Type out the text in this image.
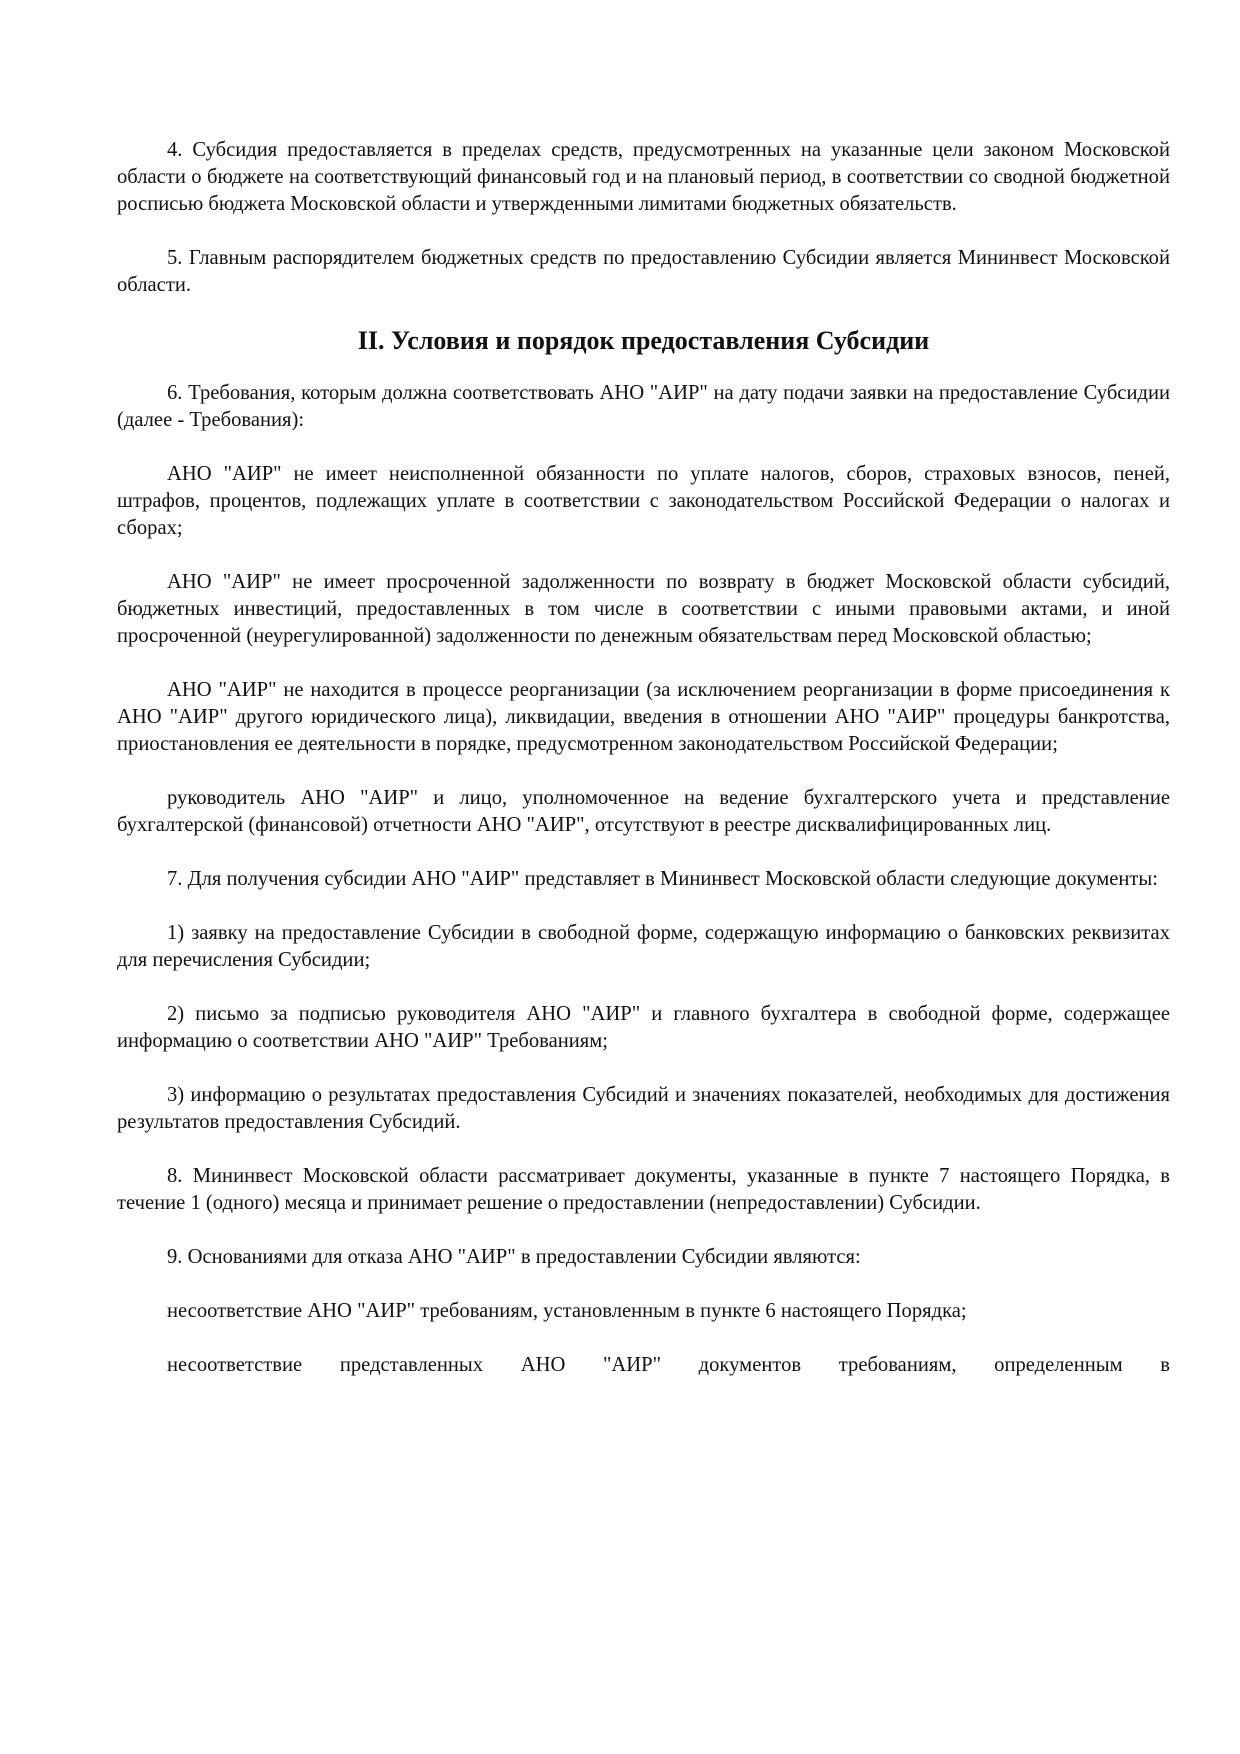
4. Субсидия предоставляется в пределах средств, предусмотренных на указанные цели законом Московской области о бюджете на соответствующий финансовый год и на плановый период, в соответствии со сводной бюджетной росписью бюджета Московской области и утвержденными лимитами бюджетных обязательств.

5. Главным распорядителем бюджетных средств по предоставлению Субсидии является Мининвест Московской области.

II. Условия и порядок предоставления Субсидии

6. Требования, которым должна соответствовать АНО "АИР" на дату подачи заявки на предоставление Субсидии (далее - Требования):

АНО "АИР" не имеет неисполненной обязанности по уплате налогов, сборов, страховых взносов, пеней, штрафов, процентов, подлежащих уплате в соответствии с законодательством Российской Федерации о налогах и сборах;

АНО "АИР" не имеет просроченной задолженности по возврату в бюджет Московской области субсидий, бюджетных инвестиций, предоставленных в том числе в соответствии с иными правовыми актами, и иной просроченной (неурегулированной) задолженности по денежным обязательствам перед Московской областью;

АНО "АИР" не находится в процессе реорганизации (за исключением реорганизации в форме присоединения к АНО "АИР" другого юридического лица), ликвидации, введения в отношении АНО "АИР" процедуры банкротства, приостановления ее деятельности в порядке, предусмотренном законодательством Российской Федерации;

руководитель АНО "АИР" и лицо, уполномоченное на ведение бухгалтерского учета и представление бухгалтерской (финансовой) отчетности АНО "АИР", отсутствуют в реестре дисквалифицированных лиц.

7. Для получения субсидии АНО "АИР" представляет в Мининвест Московской области следующие документы:

1) заявку на предоставление Субсидии в свободной форме, содержащую информацию о банковских реквизитах для перечисления Субсидии;

2) письмо за подписью руководителя АНО "АИР" и главного бухгалтера в свободной форме, содержащее информацию о соответствии АНО "АИР" Требованиям;

3) информацию о результатах предоставления Субсидий и значениях показателей, необходимых для достижения результатов предоставления Субсидий.

8. Мининвест Московской области рассматривает документы, указанные в пункте 7 настоящего Порядка, в течение 1 (одного) месяца и принимает решение о предоставлении (непредоставлении) Субсидии.

9. Основаниями для отказа АНО "АИР" в предоставлении Субсидии являются:

несоответствие АНО "АИР" требованиям, установленным в пункте 6 настоящего Порядка;

несоответствие представленных АНО "АИР" документов требованиям, определенным в
